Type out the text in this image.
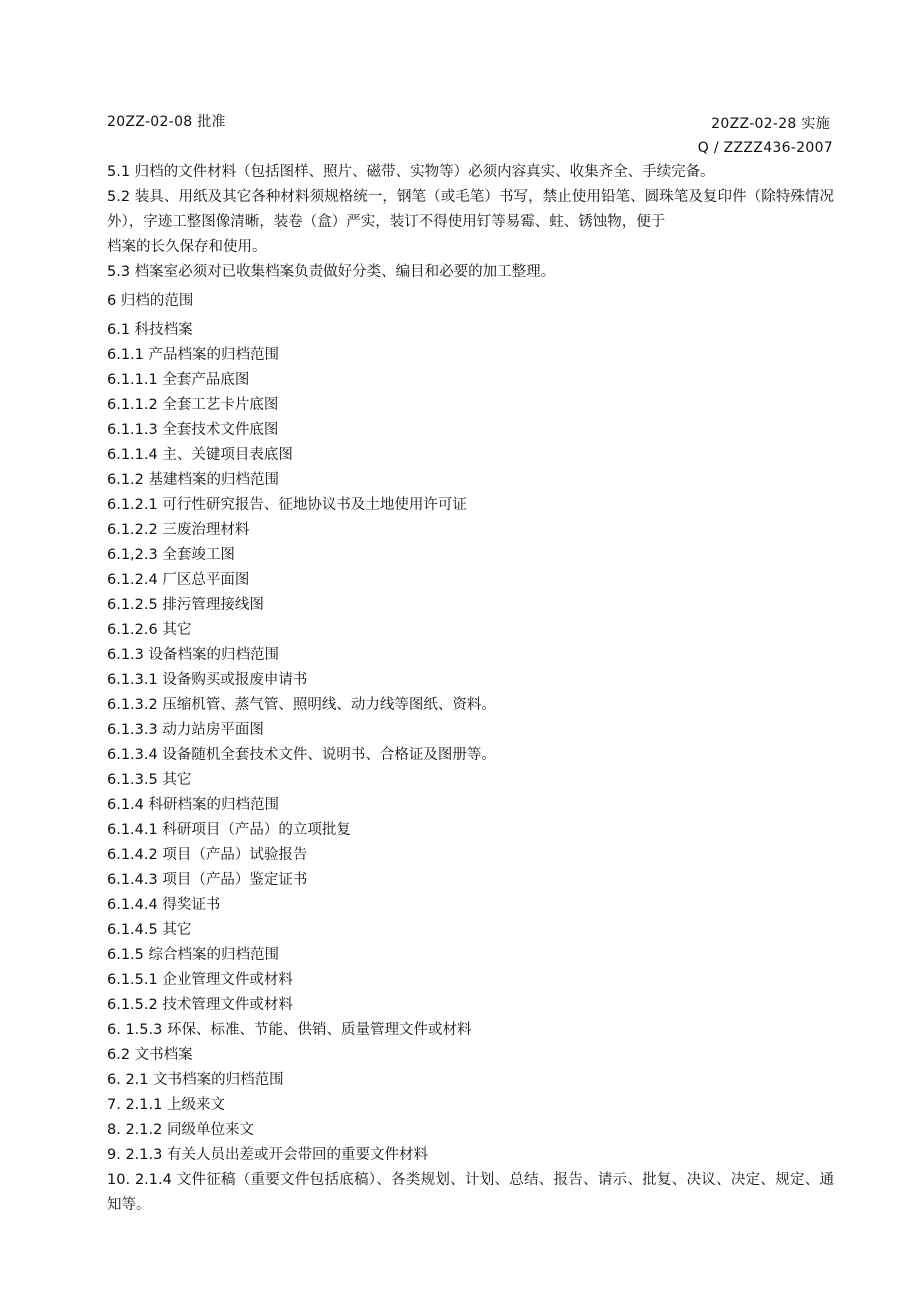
20ZZ-02-08 批准	20ZZ-02-28 实施
Q / ZZZZ436-2007
5.1 归档的文件材料（包括图样、照片、磁带、实物等）必须内容真实、收集齐全、手续完备。
5.2 装具、用纸及其它各种材料须规格统一，钢笔（或毛笔）书写，禁止使用铅笔、圆珠笔及复印件（除特殊情况外），字迹工整图像清晰，装卷（盒）严实，装订不得使用钉等易霉、蛀、锈蚀物，便于
档案的长久保存和使用。
5.3 档案室必须对已收集档案负责做好分类、编目和必要的加工整理。
6 归档的范围
6.1 科技档案
6.1.1 产品档案的归档范围
6.1.1.1 全套产品底图
6.1.1.2 全套工艺卡片底图
6.1.1.3 全套技术文件底图
6.1.1.4 主、关键项目表底图
6.1.2 基建档案的归档范围
6.1.2.1 可行性研究报告、征地协议书及土地使用许可证
6.1.2.2 三废治理材料
6.1,2.3 全套竣工图
6.1.2.4 厂区总平面图
6.1.2.5 排污管理接线图
6.1.2.6 其它
6.1.3 设备档案的归档范围
6.1.3.1 设备购买或报废申请书
6.1.3.2 压缩机管、蒸气管、照明线、动力线等图纸、资料。
6.1.3.3 动力站房平面图
6.1.3.4 设备随机全套技术文件、说明书、合格证及图册等。
6.1.3.5 其它
6.1.4 科研档案的归档范围
6.1.4.1 科研项目（产品）的立项批复
6.1.4.2 项目（产品）试验报告
6.1.4.3 项目（产品）鉴定证书
6.1.4.4 得奖证书
6.1.4.5 其它
6.1.5 综合档案的归档范围
6.1.5.1 企业管理文件或材料
6.1.5.2 技术管理文件或材料
6. 1.5.3 环保、标准、节能、供销、质量管理文件或材料
6.2 文书档案
6. 2.1 文书档案的归档范围
7. 2.1.1 上级来文
8. 2.1.2 同级单位来文
9. 2.1.3 有关人员出差或开会带回的重要文件材料
10. 2.1.4 文件征稿（重要文件包括底稿）、各类规划、计划、总结、报告、请示、批复、决议、决定、规定、通知等。
